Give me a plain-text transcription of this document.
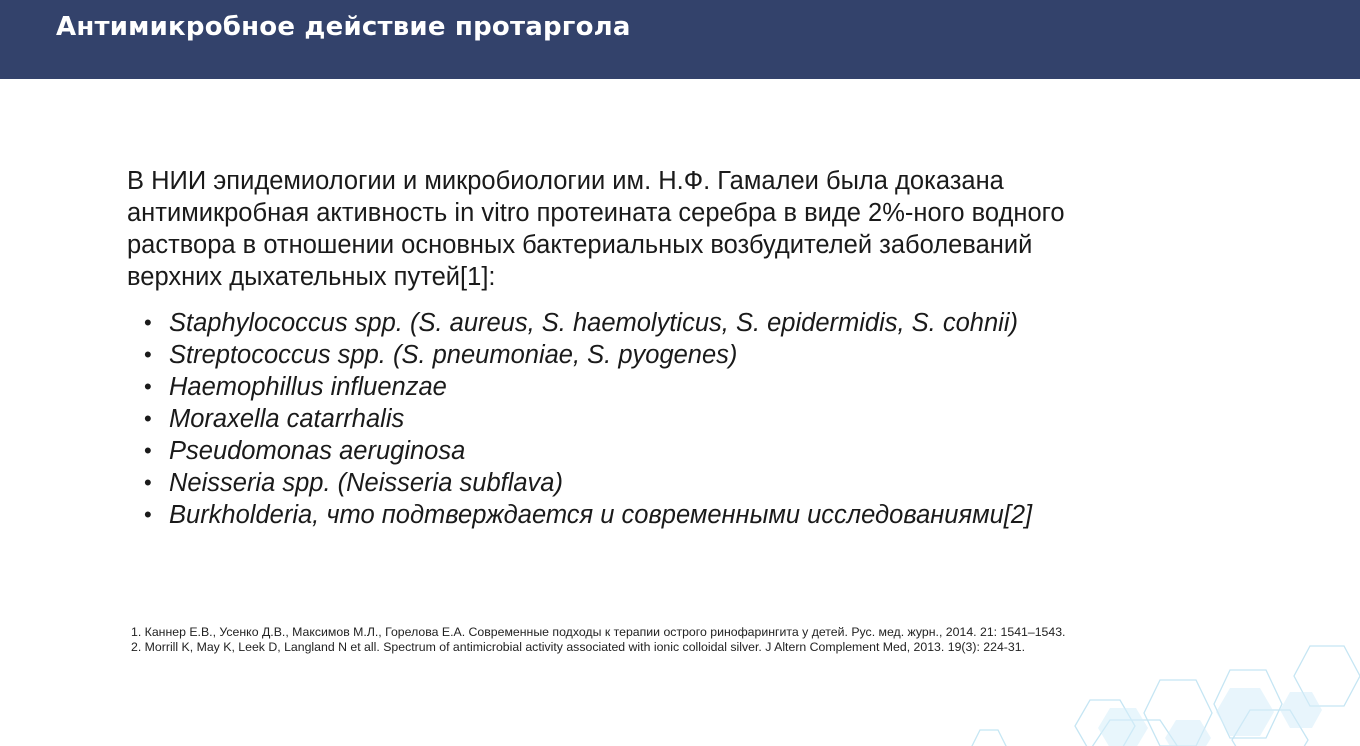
Антимикробное действие протаргола
В НИИ эпидемиологии и микробиологии им. Н.Ф. Гамалеи была доказана антимикробная активность in vitro протеината серебра в виде 2%-ного водного раствора в отношении основных бактериальных возбудителей заболеваний верхних дыхательных путей[1]:
• Staphylococcus spp. (S. aureus, S. haemolyticus, S. epidermidis, S. cohnii)
• Streptococcus spp. (S. pneumoniae, S. pyogenes)
• Haemophillus influenzae
• Moraxella catarrhalis
• Pseudomonas aeruginosa
• Neisseria spp. (Neisseria subflava)
• Burkholderia, что подтверждается и современными исследованиями[2]
1. Каннер Е.В., Усенко Д.В., Максимов М.Л., Горелова Е.А. Современные подходы к терапии острого ринофарингита у детей. Рус. мед. журн., 2014. 21: 1541–1543.
2. Morrill K, May K, Leek D, Langland N et all. Spectrum of antimicrobial activity associated with ionic colloidal silver. J Altern Complement Med, 2013. 19(3): 224-31.
